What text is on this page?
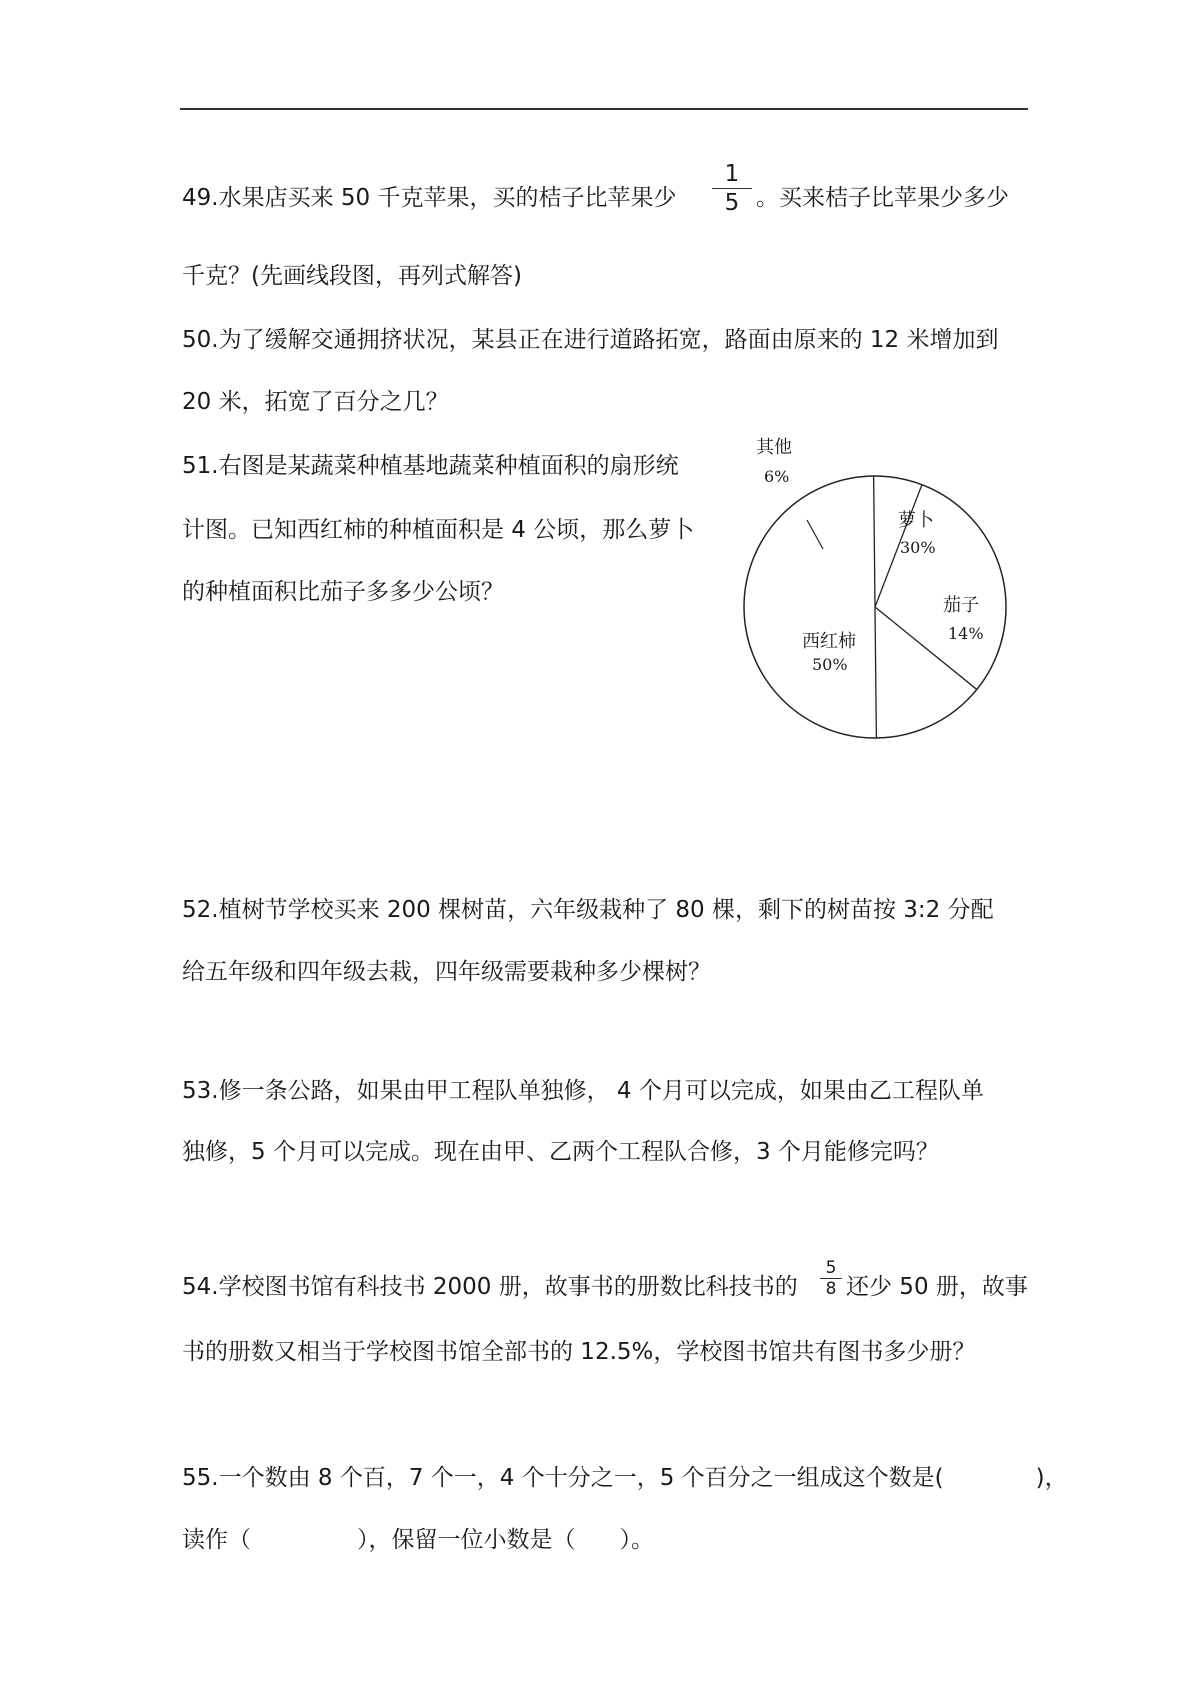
49.水果店买来 50 千克苹果，买的桔子比苹果少
1
5 。买来桔子比苹果少多少
千克？(先画线段图，再列式解答)
50.为了缓解交通拥挤状况，某县正在进行道路拓宽，路面由原来的 12 米增加到
20 米，拓宽了百分之几？
51.右图是某蔬菜种植基地蔬菜种植面积的扇形统
计图。已知西红柿的种植面积是 4 公顷，那么萝卜
的种植面积比茄子多多少公顷？
萝卜
30%
茄子
14%
西红柿
50%
其他
6%
52.植树节学校买来 200 棵树苗，六年级栽种了 80 棵，剩下的树苗按 3:2 分配
给五年级和四年级去栽，四年级需要栽种多少棵树？
53.修一条公路，如果由甲工程队单独修， 4 个月可以完成，如果由乙工程队单
独修，5 个月可以完成。现在由甲、乙两个工程队合修，3 个月能修完吗？
54.学校图书馆有科技书 2000 册，故事书的册数比科技书的
5
8 还少 50 册，故事
书的册数又相当于学校图书馆全部书的 12.5%，学校图书馆共有图书多少册？
55.一个数由 8 个百，7 个一，4 个十分之一，5 个百分之一组成这个数是(	)，
读作（	），保留一位小数是（ ）。
